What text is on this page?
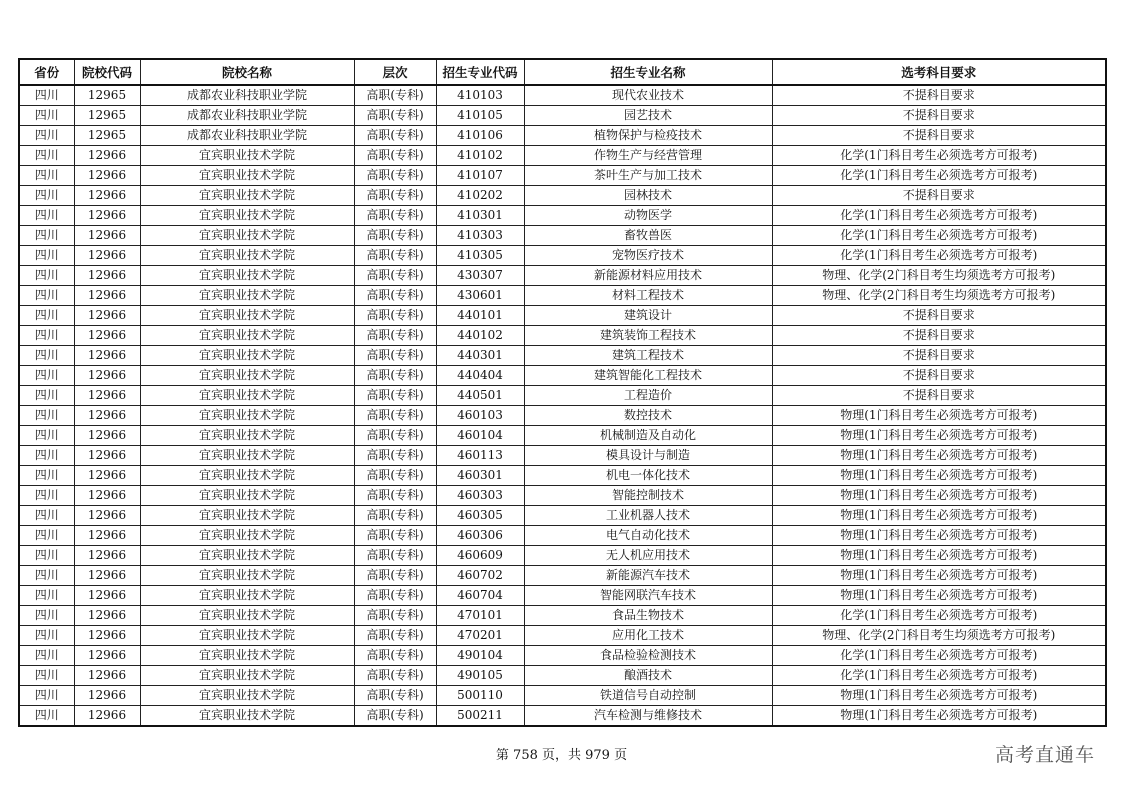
省份	院校代码	院校名称	层次	招生专业代码	招生专业名称	选考科目要求
四川	12965	成都农业科技职业学院	高职(专科)	410103	现代农业技术	不提科目要求
四川	12965	成都农业科技职业学院	高职(专科)	410105	园艺技术	不提科目要求
四川	12965	成都农业科技职业学院	高职(专科)	410106	植物保护与检疫技术	不提科目要求
四川	12966	宜宾职业技术学院	高职(专科)	410102	作物生产与经营管理	化学(1门科目考生必须选考方可报考)
四川	12966	宜宾职业技术学院	高职(专科)	410107	茶叶生产与加工技术	化学(1门科目考生必须选考方可报考)
四川	12966	宜宾职业技术学院	高职(专科)	410202	园林技术	不提科目要求
四川	12966	宜宾职业技术学院	高职(专科)	410301	动物医学	化学(1门科目考生必须选考方可报考)
四川	12966	宜宾职业技术学院	高职(专科)	410303	畜牧兽医	化学(1门科目考生必须选考方可报考)
四川	12966	宜宾职业技术学院	高职(专科)	410305	宠物医疗技术	化学(1门科目考生必须选考方可报考)
四川	12966	宜宾职业技术学院	高职(专科)	430307	新能源材料应用技术	物理、化学(2门科目考生均须选考方可报考)
四川	12966	宜宾职业技术学院	高职(专科)	430601	材料工程技术	物理、化学(2门科目考生均须选考方可报考)
四川	12966	宜宾职业技术学院	高职(专科)	440101	建筑设计	不提科目要求
四川	12966	宜宾职业技术学院	高职(专科)	440102	建筑装饰工程技术	不提科目要求
四川	12966	宜宾职业技术学院	高职(专科)	440301	建筑工程技术	不提科目要求
四川	12966	宜宾职业技术学院	高职(专科)	440404	建筑智能化工程技术	不提科目要求
四川	12966	宜宾职业技术学院	高职(专科)	440501	工程造价	不提科目要求
四川	12966	宜宾职业技术学院	高职(专科)	460103	数控技术	物理(1门科目考生必须选考方可报考)
四川	12966	宜宾职业技术学院	高职(专科)	460104	机械制造及自动化	物理(1门科目考生必须选考方可报考)
四川	12966	宜宾职业技术学院	高职(专科)	460113	模具设计与制造	物理(1门科目考生必须选考方可报考)
四川	12966	宜宾职业技术学院	高职(专科)	460301	机电一体化技术	物理(1门科目考生必须选考方可报考)
四川	12966	宜宾职业技术学院	高职(专科)	460303	智能控制技术	物理(1门科目考生必须选考方可报考)
四川	12966	宜宾职业技术学院	高职(专科)	460305	工业机器人技术	物理(1门科目考生必须选考方可报考)
四川	12966	宜宾职业技术学院	高职(专科)	460306	电气自动化技术	物理(1门科目考生必须选考方可报考)
四川	12966	宜宾职业技术学院	高职(专科)	460609	无人机应用技术	物理(1门科目考生必须选考方可报考)
四川	12966	宜宾职业技术学院	高职(专科)	460702	新能源汽车技术	物理(1门科目考生必须选考方可报考)
四川	12966	宜宾职业技术学院	高职(专科)	460704	智能网联汽车技术	物理(1门科目考生必须选考方可报考)
四川	12966	宜宾职业技术学院	高职(专科)	470101	食品生物技术	化学(1门科目考生必须选考方可报考)
四川	12966	宜宾职业技术学院	高职(专科)	470201	应用化工技术	物理、化学(2门科目考生均须选考方可报考)
四川	12966	宜宾职业技术学院	高职(专科)	490104	食品检验检测技术	化学(1门科目考生必须选考方可报考)
四川	12966	宜宾职业技术学院	高职(专科)	490105	酿酒技术	化学(1门科目考生必须选考方可报考)
四川	12966	宜宾职业技术学院	高职(专科)	500110	铁道信号自动控制	物理(1门科目考生必须选考方可报考)
四川	12966	宜宾职业技术学院	高职(专科)	500211	汽车检测与维修技术	物理(1门科目考生必须选考方可报考)
第 758 页，共 979 页	高考直通车
